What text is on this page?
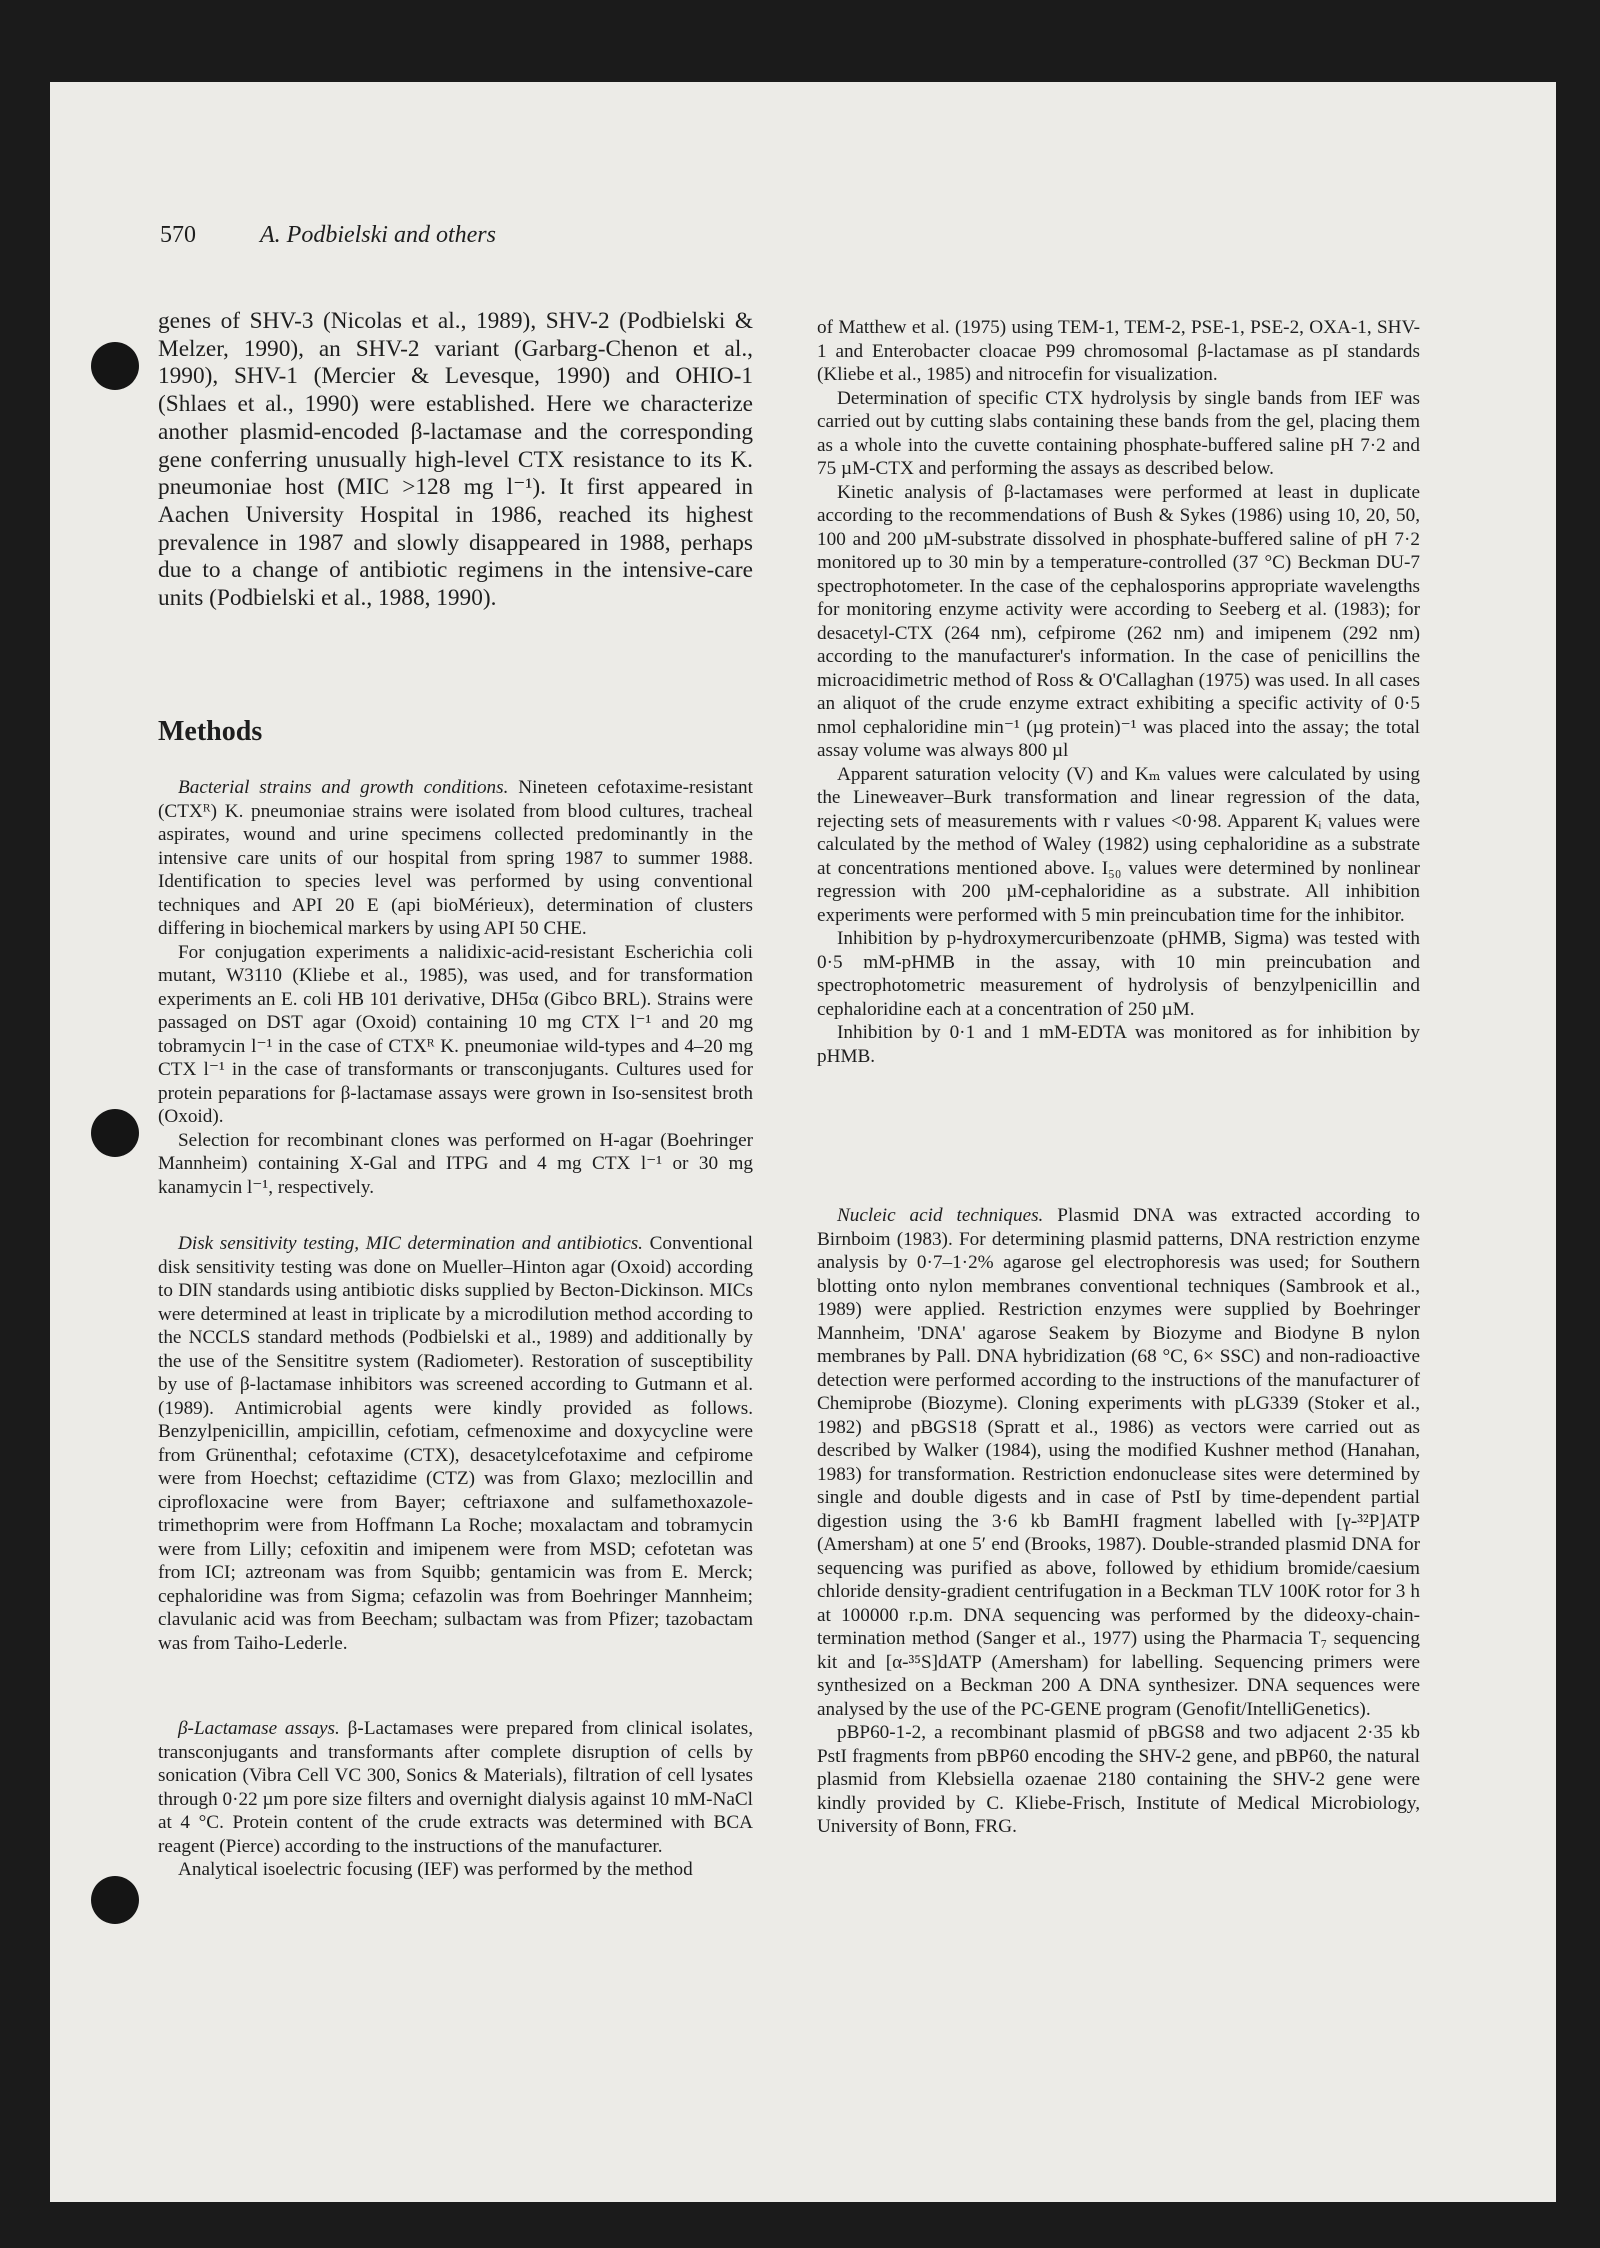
570	A. Podbielski and others

genes of SHV-3 (Nicolas et al., 1989), SHV-2 (Podbielski & Melzer, 1990), an SHV-2 variant (Garbarg-Chenon et al., 1990), SHV-1 (Mercier & Levesque, 1990) and OHIO-1 (Shlaes et al., 1990) were established. Here we characterize another plasmid-encoded β-lactamase and the corresponding gene conferring unusually high-level CTX resistance to its K. pneumoniae host (MIC >128 mg l⁻¹). It first appeared in Aachen University Hospital in 1986, reached its highest prevalence in 1987 and slowly disappeared in 1988, perhaps due to a change of antibiotic regimens in the intensive-care units (Podbielski et al., 1988, 1990).

Methods

Bacterial strains and growth conditions. Nineteen cefotaxime-resistant (CTXᴿ) K. pneumoniae strains were isolated from blood cultures, tracheal aspirates, wound and urine specimens collected predominantly in the intensive care units of our hospital from spring 1987 to summer 1988. Identification to species level was performed by using conventional techniques and API 20 E (api bioMérieux), determination of clusters differing in biochemical markers by using API 50 CHE.

For conjugation experiments a nalidixic-acid-resistant Escherichia coli mutant, W3110 (Kliebe et al., 1985), was used, and for transformation experiments an E. coli HB 101 derivative, DH5α (Gibco BRL). Strains were passaged on DST agar (Oxoid) containing 10 mg CTX l⁻¹ and 20 mg tobramycin l⁻¹ in the case of CTXᴿ K. pneumoniae wild-types and 4–20 mg CTX l⁻¹ in the case of transformants or transconjugants. Cultures used for protein peparations for β-lactamase assays were grown in Iso-sensitest broth (Oxoid).

Selection for recombinant clones was performed on H-agar (Boehringer Mannheim) containing X-Gal and ITPG and 4 mg CTX l⁻¹ or 30 mg kanamycin l⁻¹, respectively.

Disk sensitivity testing, MIC determination and antibiotics. Conventional disk sensitivity testing was done on Mueller–Hinton agar (Oxoid) according to DIN standards using antibiotic disks supplied by Becton-Dickinson. MICs were determined at least in triplicate by a microdilution method according to the NCCLS standard methods (Podbielski et al., 1989) and additionally by the use of the Sensititre system (Radiometer). Restoration of susceptibility by use of β-lactamase inhibitors was screened according to Gutmann et al. (1989). Antimicrobial agents were kindly provided as follows. Benzylpenicillin, ampicillin, cefotiam, cefmenoxime and doxycycline were from Grünenthal; cefotaxime (CTX), desacetylcefotaxime and cefpirome were from Hoechst; ceftazidime (CTZ) was from Glaxo; mezlocillin and ciprofloxacine were from Bayer; ceftriaxone and sulfamethoxazole-trimethoprim were from Hoffmann La Roche; moxalactam and tobramycin were from Lilly; cefoxitin and imipenem were from MSD; cefotetan was from ICI; aztreonam was from Squibb; gentamicin was from E. Merck; cephaloridine was from Sigma; cefazolin was from Boehringer Mannheim; clavulanic acid was from Beecham; sulbactam was from Pfizer; tazobactam was from Taiho-Lederle.

β-Lactamase assays. β-Lactamases were prepared from clinical isolates, transconjugants and transformants after complete disruption of cells by sonication (Vibra Cell VC 300, Sonics & Materials), filtration of cell lysates through 0·22 µm pore size filters and overnight dialysis against 10 mM-NaCl at 4 °C. Protein content of the crude extracts was determined with BCA reagent (Pierce) according to the instructions of the manufacturer.

Analytical isoelectric focusing (IEF) was performed by the method

of Matthew et al. (1975) using TEM-1, TEM-2, PSE-1, PSE-2, OXA-1, SHV-1 and Enterobacter cloacae P99 chromosomal β-lactamase as pI standards (Kliebe et al., 1985) and nitrocefin for visualization.

Determination of specific CTX hydrolysis by single bands from IEF was carried out by cutting slabs containing these bands from the gel, placing them as a whole into the cuvette containing phosphate-buffered saline pH 7·2 and 75 µM-CTX and performing the assays as described below.

Kinetic analysis of β-lactamases were performed at least in duplicate according to the recommendations of Bush & Sykes (1986) using 10, 20, 50, 100 and 200 µM-substrate dissolved in phosphate-buffered saline of pH 7·2 monitored up to 30 min by a temperature-controlled (37 °C) Beckman DU-7 spectrophotometer. In the case of the cephalosporins appropriate wavelengths for monitoring enzyme activity were according to Seeberg et al. (1983); for desacetyl-CTX (264 nm), cefpirome (262 nm) and imipenem (292 nm) according to the manufacturer's information. In the case of penicillins the microacidimetric method of Ross & O'Callaghan (1975) was used. In all cases an aliquot of the crude enzyme extract exhibiting a specific activity of 0·5 nmol cephaloridine min⁻¹ (µg protein)⁻¹ was placed into the assay; the total assay volume was always 800 µl

Apparent saturation velocity (V) and Kₘ values were calculated by using the Lineweaver–Burk transformation and linear regression of the data, rejecting sets of measurements with r values <0·98. Apparent Kᵢ values were calculated by the method of Waley (1982) using cephaloridine as a substrate at concentrations mentioned above. I₅₀ values were determined by nonlinear regression with 200 µM-cephaloridine as a substrate. All inhibition experiments were performed with 5 min preincubation time for the inhibitor.

Inhibition by p-hydroxymercuribenzoate (pHMB, Sigma) was tested with 0·5 mM-pHMB in the assay, with 10 min preincubation and spectrophotometric measurement of hydrolysis of benzylpenicillin and cephaloridine each at a concentration of 250 µM.

Inhibition by 0·1 and 1 mM-EDTA was monitored as for inhibition by pHMB.

Nucleic acid techniques. Plasmid DNA was extracted according to Birnboim (1983). For determining plasmid patterns, DNA restriction enzyme analysis by 0·7–1·2% agarose gel electrophoresis was used; for Southern blotting onto nylon membranes conventional techniques (Sambrook et al., 1989) were applied. Restriction enzymes were supplied by Boehringer Mannheim, 'DNA' agarose Seakem by Biozyme and Biodyne B nylon membranes by Pall. DNA hybridization (68 °C, 6× SSC) and non-radioactive detection were performed according to the instructions of the manufacturer of Chemiprobe (Biozyme). Cloning experiments with pLG339 (Stoker et al., 1982) and pBGS18 (Spratt et al., 1986) as vectors were carried out as described by Walker (1984), using the modified Kushner method (Hanahan, 1983) for transformation. Restriction endonuclease sites were determined by single and double digests and in case of PstI by time-dependent partial digestion using the 3·6 kb BamHI fragment labelled with [γ-³²P]ATP (Amersham) at one 5′ end (Brooks, 1987). Double-stranded plasmid DNA for sequencing was purified as above, followed by ethidium bromide/caesium chloride density-gradient centrifugation in a Beckman TLV 100K rotor for 3 h at 100000 r.p.m. DNA sequencing was performed by the dideoxy-chain-termination method (Sanger et al., 1977) using the Pharmacia T₇ sequencing kit and [α-³⁵S]dATP (Amersham) for labelling. Sequencing primers were synthesized on a Beckman 200 A DNA synthesizer. DNA sequences were analysed by the use of the PC-GENE program (Genofit/IntelliGenetics).

pBP60-1-2, a recombinant plasmid of pBGS8 and two adjacent 2·35 kb PstI fragments from pBP60 encoding the SHV-2 gene, and pBP60, the natural plasmid from Klebsiella ozaenae 2180 containing the SHV-2 gene were kindly provided by C. Kliebe-Frisch, Institute of Medical Microbiology, University of Bonn, FRG.
